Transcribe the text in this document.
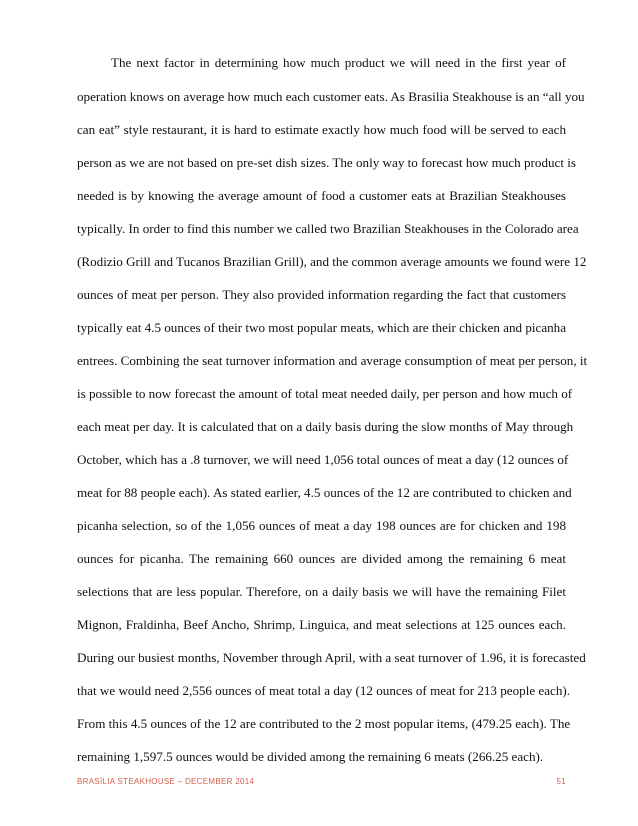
The next factor in determining how much product we will need in the first year of
operation knows on average how much each customer eats. As Brasilia Steakhouse is an “all you
can eat” style restaurant, it is hard to estimate exactly how much food will be served to each
person as we are not based on pre-set dish sizes. The only way to forecast how much product is
needed is by knowing the average amount of food a customer eats at Brazilian Steakhouses
typically. In order to find this number we called two Brazilian Steakhouses in the Colorado area
(Rodizio Grill and Tucanos Brazilian Grill), and the common average amounts we found were 12
ounces of meat per person. They also provided information regarding the fact that customers
typically eat 4.5 ounces of their two most popular meats, which are their chicken and picanha
entrees. Combining the seat turnover information and average consumption of meat per person, it
is possible to now forecast the amount of total meat needed daily, per person and how much of
each meat per day. It is calculated that on a daily basis during the slow months of May through
October, which has a .8 turnover, we will need 1,056 total ounces of meat a day (12 ounces of
meat for 88 people each). As stated earlier, 4.5 ounces of the 12 are contributed to chicken and
picanha selection, so of the 1,056 ounces of meat a day 198 ounces are for chicken and 198
ounces for picanha. The remaining 660 ounces are divided among the remaining 6 meat
selections that are less popular. Therefore, on a daily basis we will have the remaining Filet
Mignon, Fraldinha, Beef Ancho, Shrimp, Linguica, and meat selections at 125 ounces each.
During our busiest months, November through April, with a seat turnover of 1.96, it is forecasted
that we would need 2,556 ounces of meat total a day (12 ounces of meat for 213 people each).
From this 4.5 ounces of the 12 are contributed to the 2 most popular items, (479.25 each). The
remaining 1,597.5 ounces would be divided among the remaining 6 meats (266.25 each).
BRASÍLIA STEAKHOUSE – DECEMBER 2014	51
